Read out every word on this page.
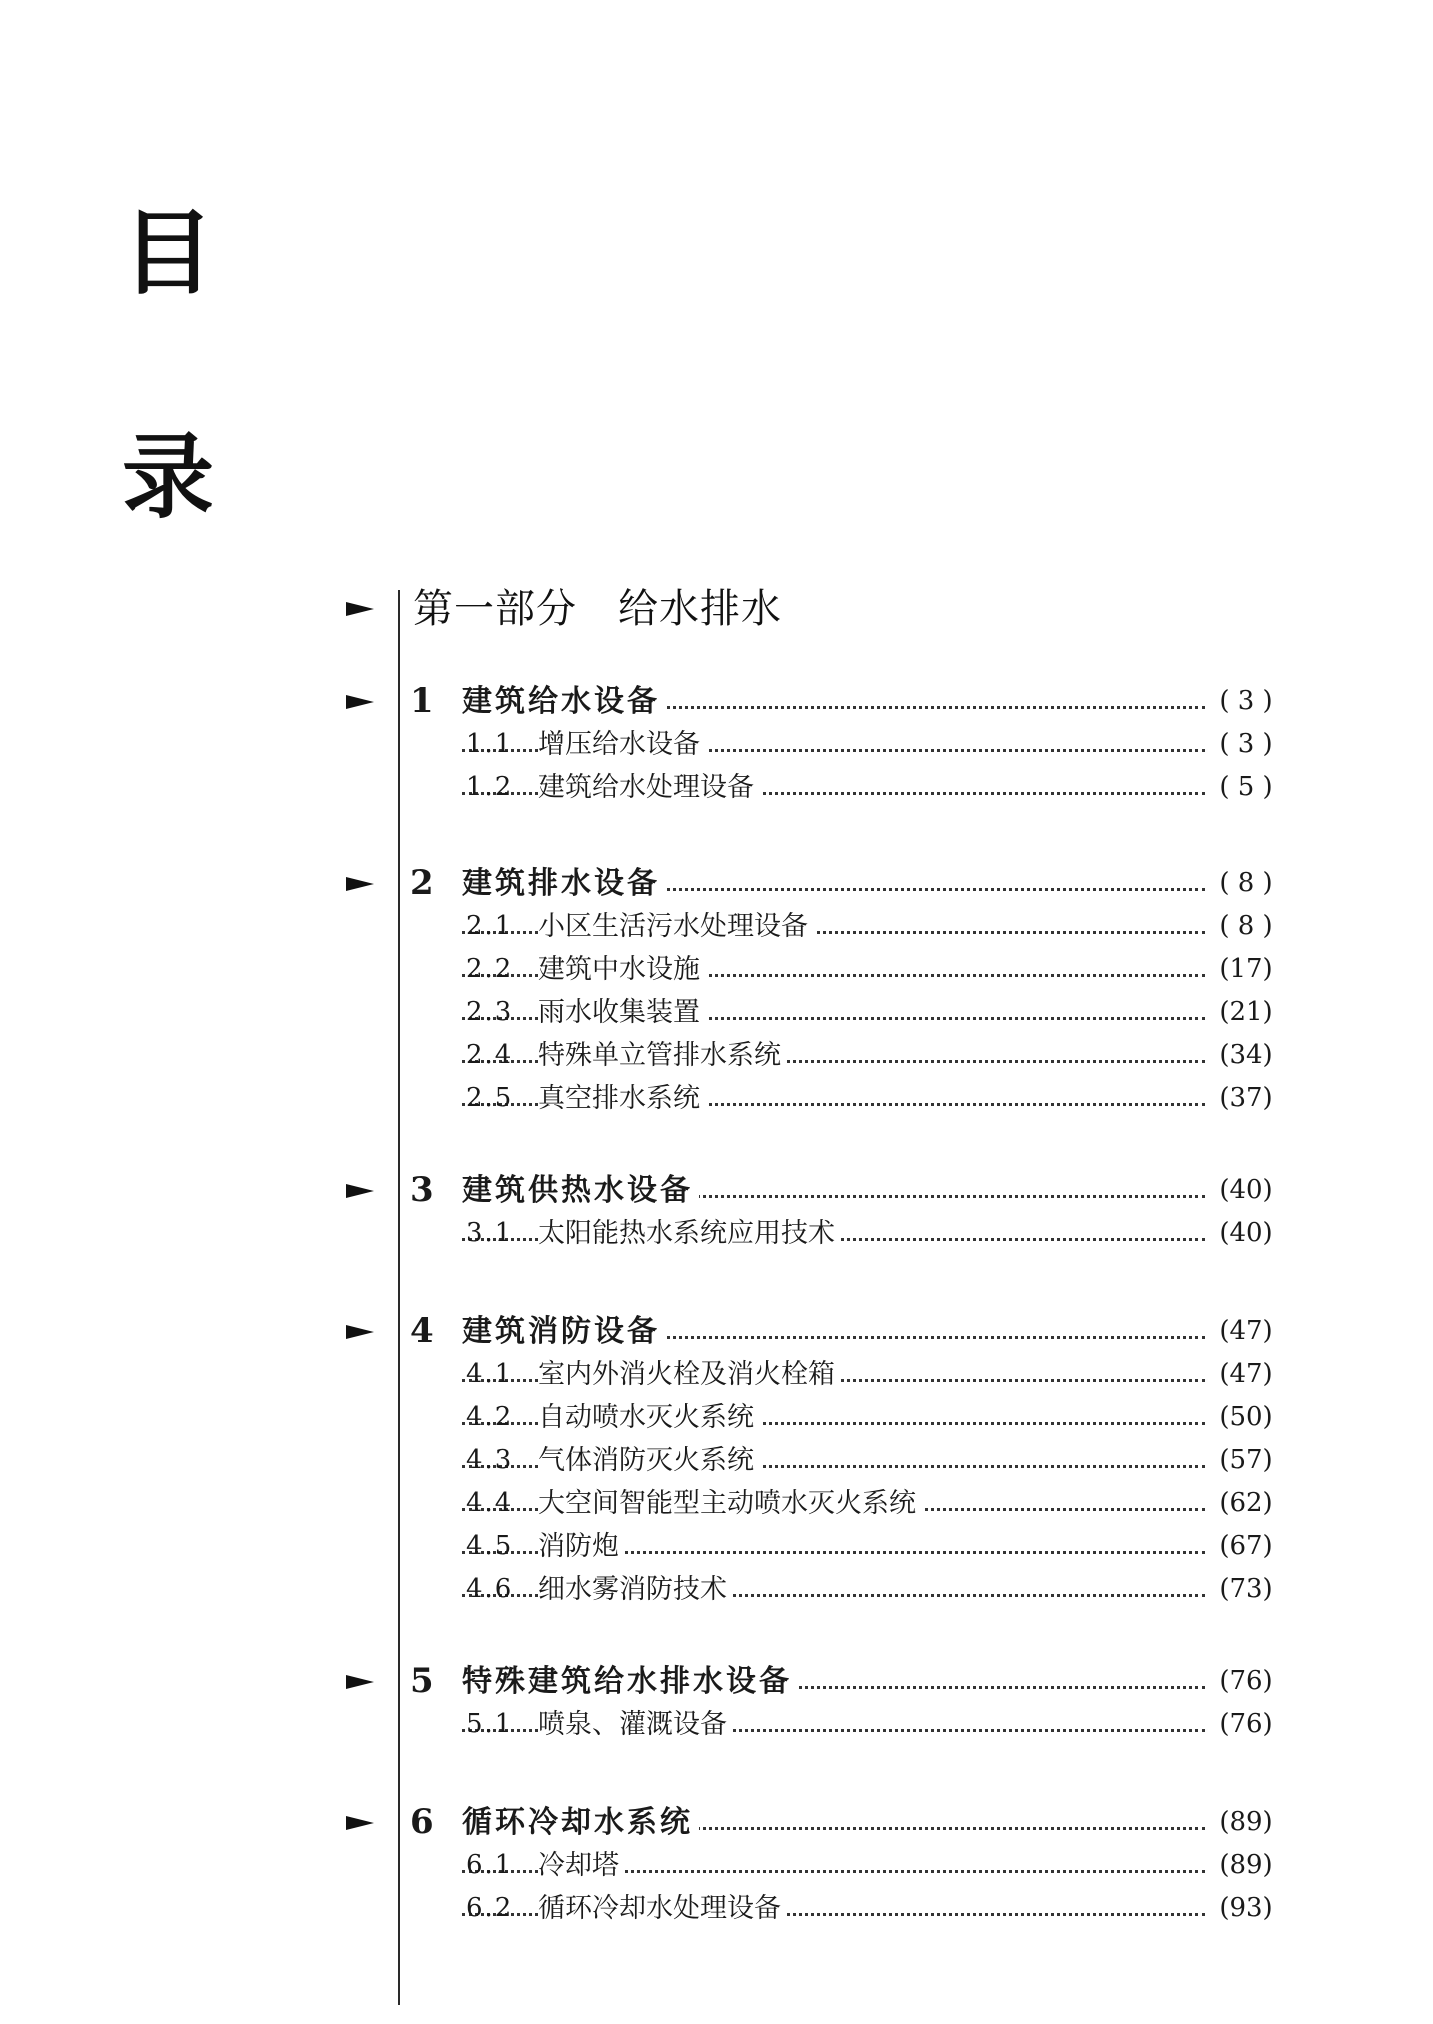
目
录
第一部分　给水排水
1 建筑给水设备	( 3 )
1.1 增压给水设备	( 3 )
1.2 建筑给水处理设备	( 5 )
2 建筑排水设备	( 8 )
2.1 小区生活污水处理设备	( 8 )
2.2 建筑中水设施	(17)
2.3 雨水收集装置	(21)
2.4 特殊单立管排水系统	(34)
2.5 真空排水系统	(37)
3 建筑供热水设备	(40)
3.1 太阳能热水系统应用技术	(40)
4 建筑消防设备	(47)
4.1 室内外消火栓及消火栓箱	(47)
4.2 自动喷水灭火系统	(50)
4.3 气体消防灭火系统	(57)
4.4 大空间智能型主动喷水灭火系统	(62)
4.5 消防炮	(67)
4.6 细水雾消防技术	(73)
5 特殊建筑给水排水设备	(76)
5.1 喷泉、灌溉设备	(76)
6 循环冷却水系统	(89)
6.1 冷却塔	(89)
6.2 循环冷却水处理设备	(93)
